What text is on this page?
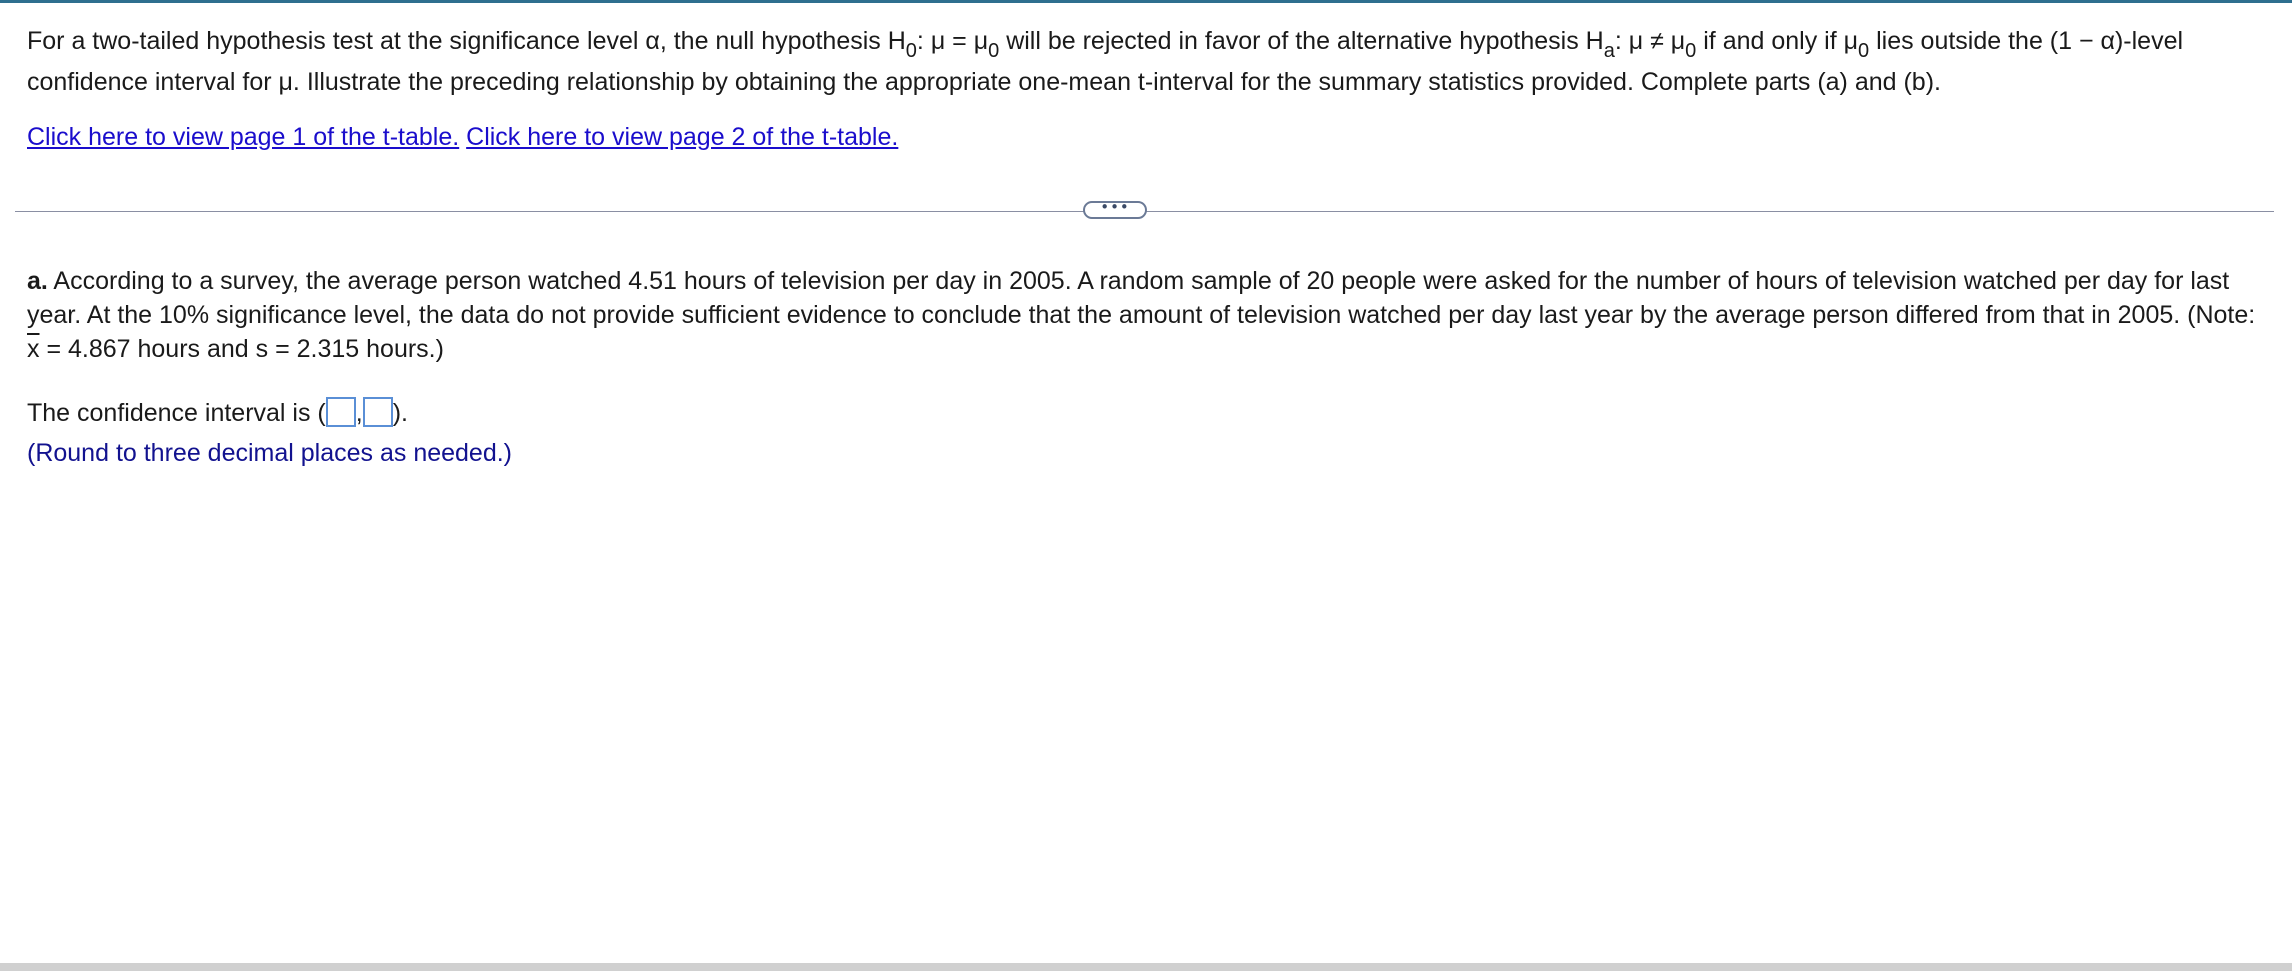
For a two-tailed hypothesis test at the significance level α, the null hypothesis $H_0$: $\mu = \mu_0$ will be rejected in favor of the alternative hypothesis $H_a$: $\mu \ne \mu_0$ if and only if $\mu_0$ lies outside the (1 − α)-level confidence interval for μ. Illustrate the preceding relationship by obtaining the appropriate one-mean t-interval for the summary statistics provided. Complete parts (a) and (b).
Click here to view page 1 of the t-table. Click here to view page 2 of the t-table.
•••
a. According to a survey, the average person watched 4.51 hours of television per day in 2005. A random sample of 20 people were asked for the number of hours of television watched per day for last year. At the 10% significance level, the data do not provide sufficient evidence to conclude that the amount of television watched per day last year by the average person differed from that in 2005. (Note: $\overline{x} = 4.867$ hours and s = 2.315 hours.)
The confidence interval is ( , ).
(Round to three decimal places as needed.)
